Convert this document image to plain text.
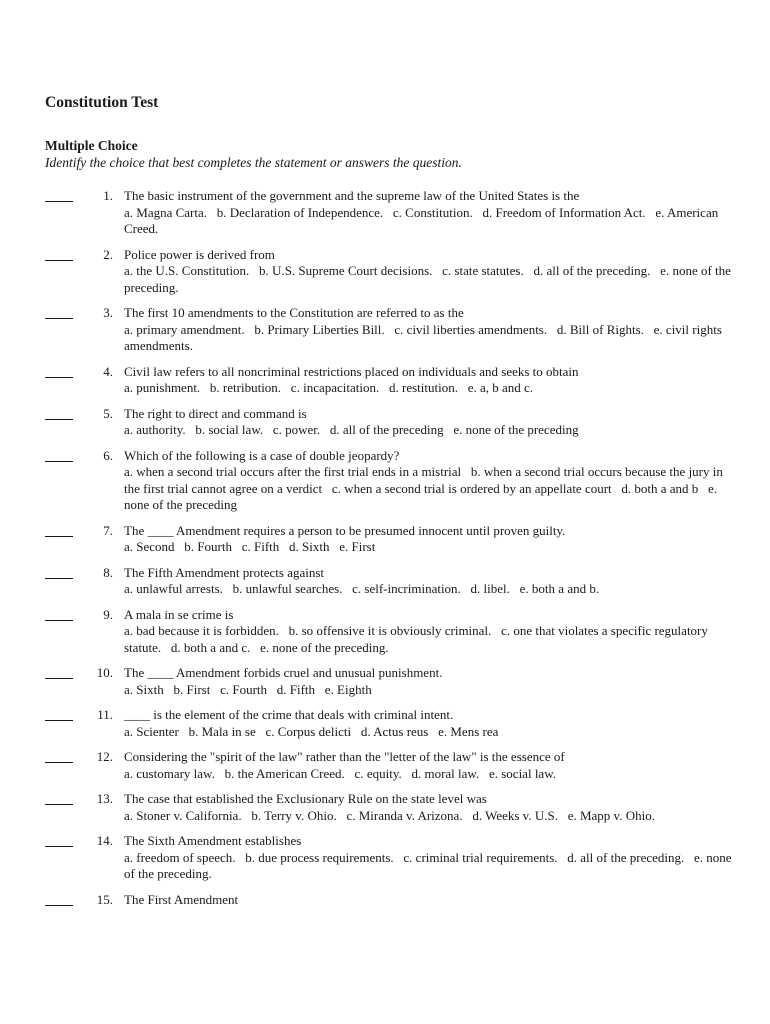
Constitution Test
Multiple Choice

Identify the choice that best completes the statement or answers the question.

1. The basic instrument of the government and the supreme law of the United States is the
a. Magna Carta.   b. Declaration of Independence.   c. Constitution.   d. Freedom of Information Act.   e. American Creed.
2. Police power is derived from
a. the U.S. Constitution.   b. U.S. Supreme Court decisions.   c. state statutes.   d. all of the preceding.   e. none of the preceding.
3. The first 10 amendments to the Constitution are referred to as the
a. primary amendment.   b. Primary Liberties Bill.   c. civil liberties amendments.   d. Bill of Rights.   e. civil rights amendments.
4. Civil law refers to all noncriminal restrictions placed on individuals and seeks to obtain
a. punishment.   b. retribution.   c. incapacitation.   d. restitution.   e. a, b and c.
5. The right to direct and command is
a. authority.   b. social law.   c. power.   d. all of the preceding   e. none of the preceding
6. Which of the following is a case of double jeopardy?
a. when a second trial occurs after the first trial ends in a mistrial   b. when a second trial occurs because the jury in the first trial cannot agree on a verdict   c. when a second trial is ordered by an appellate court   d. both a and b   e. none of the preceding
7. The ____ Amendment requires a person to be presumed innocent until proven guilty.
a. Second   b. Fourth   c. Fifth   d. Sixth   e. First
8. The Fifth Amendment protects against
a. unlawful arrests.   b. unlawful searches.   c. self-incrimination.   d. libel.   e. both a and b.
9. A mala in se crime is
a. bad because it is forbidden.   b. so offensive it is obviously criminal.   c. one that violates a specific regulatory statute.   d. both a and c.   e. none of the preceding.
10. The ____ Amendment forbids cruel and unusual punishment.
a. Sixth   b. First   c. Fourth   d. Fifth   e. Eighth
11. ____ is the element of the crime that deals with criminal intent.
a. Scienter   b. Mala in se   c. Corpus delicti   d. Actus reus   e. Mens rea
12. Considering the "spirit of the law" rather than the "letter of the law" is the essence of
a. customary law.   b. the American Creed.   c. equity.   d. moral law.   e. social law.
13. The case that established the Exclusionary Rule on the state level was
a. Stoner v. California.   b. Terry v. Ohio.   c. Miranda v. Arizona.   d. Weeks v. U.S.   e. Mapp v. Ohio.
14. The Sixth Amendment establishes
a. freedom of speech.   b. due process requirements.   c. criminal trial requirements.   d. all of the preceding.   e. none of the preceding.
15. The First Amendment
